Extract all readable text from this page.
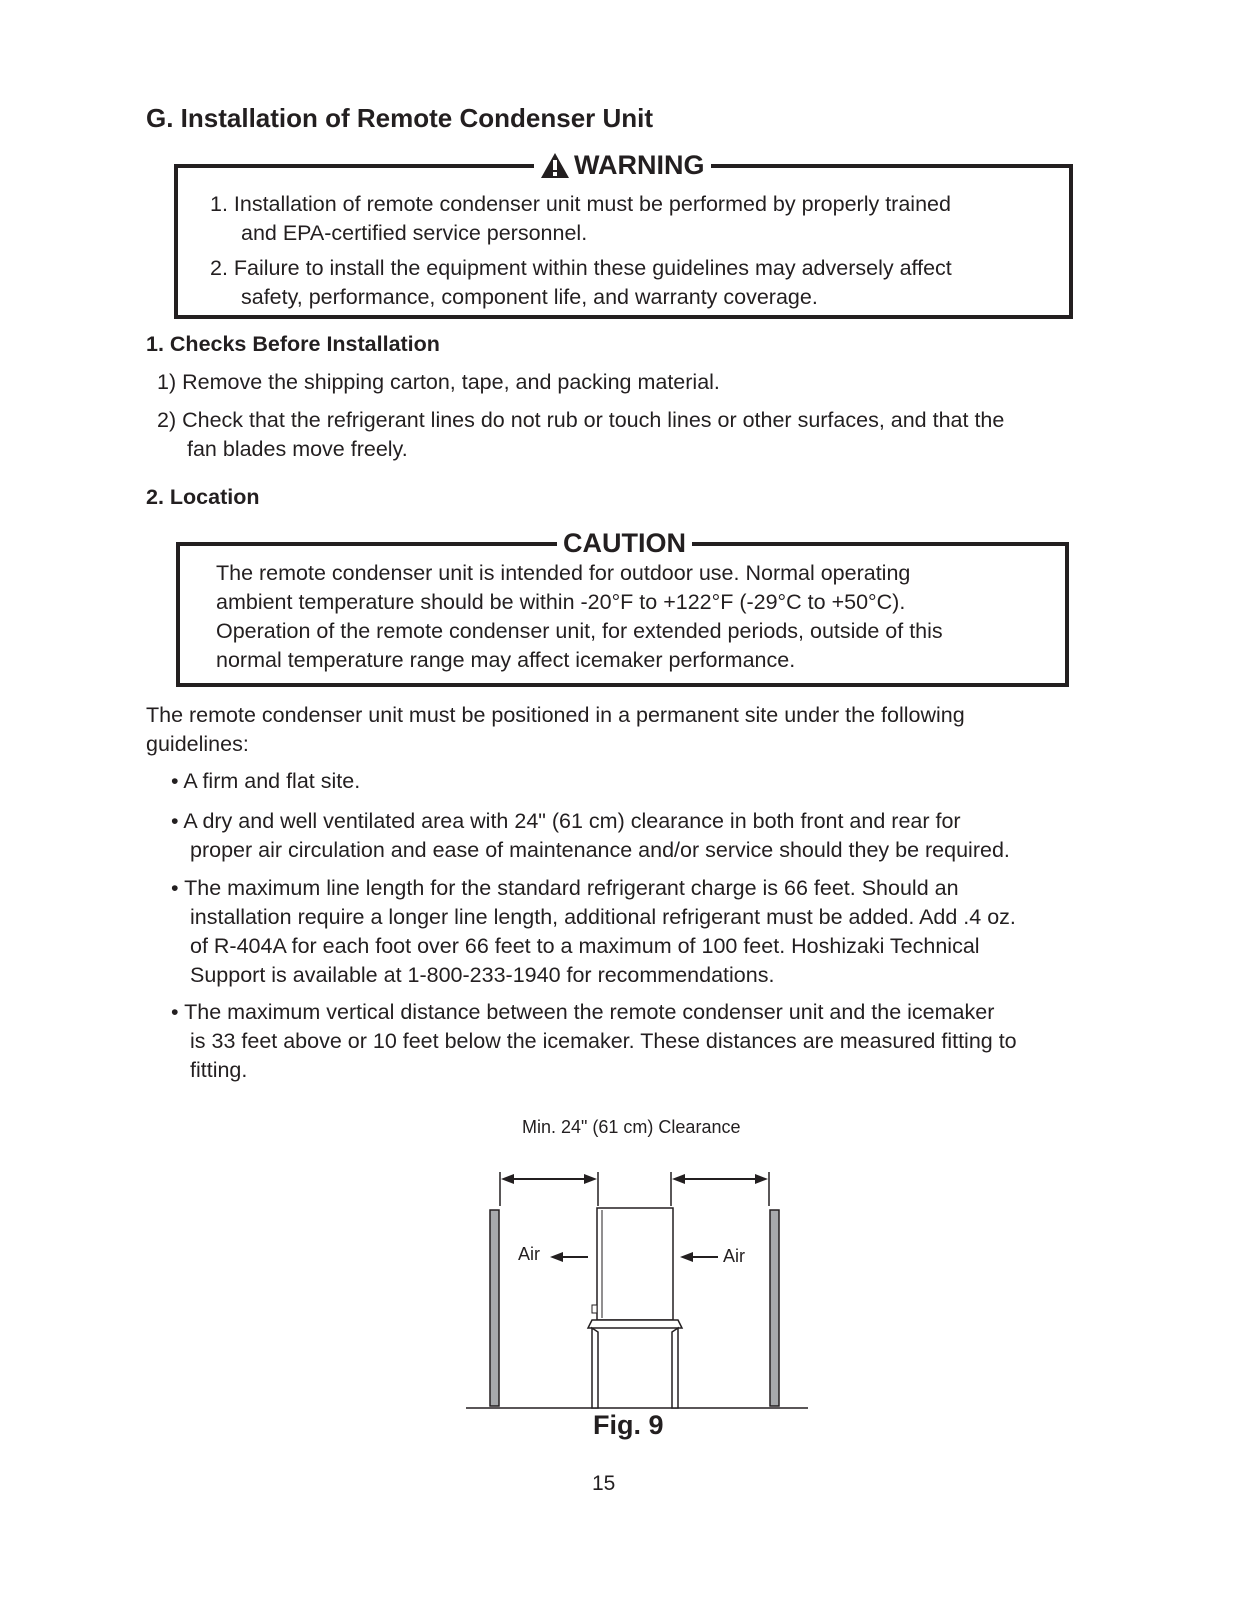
G. Installation of Remote Condenser Unit
WARNING
1. Installation of remote condenser unit must be performed by properly trained
and EPA-certified service personnel.
2. Failure to install the equipment within these guidelines may adversely affect
safety, performance, component life, and warranty coverage.
1. Checks Before Installation
1) Remove the shipping carton, tape, and packing material.
2) Check that the refrigerant lines do not rub or touch lines or other surfaces, and that the
fan blades move freely.
2. Location
CAUTION
The remote condenser unit is intended for outdoor use. Normal operating
ambient temperature should be within -20°F to +122°F (-29°C to +50°C).
Operation of the remote condenser unit, for extended periods, outside of this
normal temperature range may affect icemaker performance.
The remote condenser unit must be positioned in a permanent site under the following
guidelines:
• A firm and flat site.
• A dry and well ventilated area with 24" (61 cm) clearance in both front and rear for
proper air circulation and ease of maintenance and/or service should they be required.
• The maximum line length for the standard refrigerant charge is 66 feet. Should an
installation require a longer line length, additional refrigerant must be added. Add .4 oz.
of R-404A for each foot over 66 feet to a maximum of 100 feet. Hoshizaki Technical
Support is available at 1-800-233-1940 for recommendations.
• The maximum vertical distance between the remote condenser unit and the icemaker
is 33 feet above or 10 feet below the icemaker. These distances are measured fitting to
fitting.
Min. 24" (61 cm) Clearance
Air	Air
Fig. 9
15
